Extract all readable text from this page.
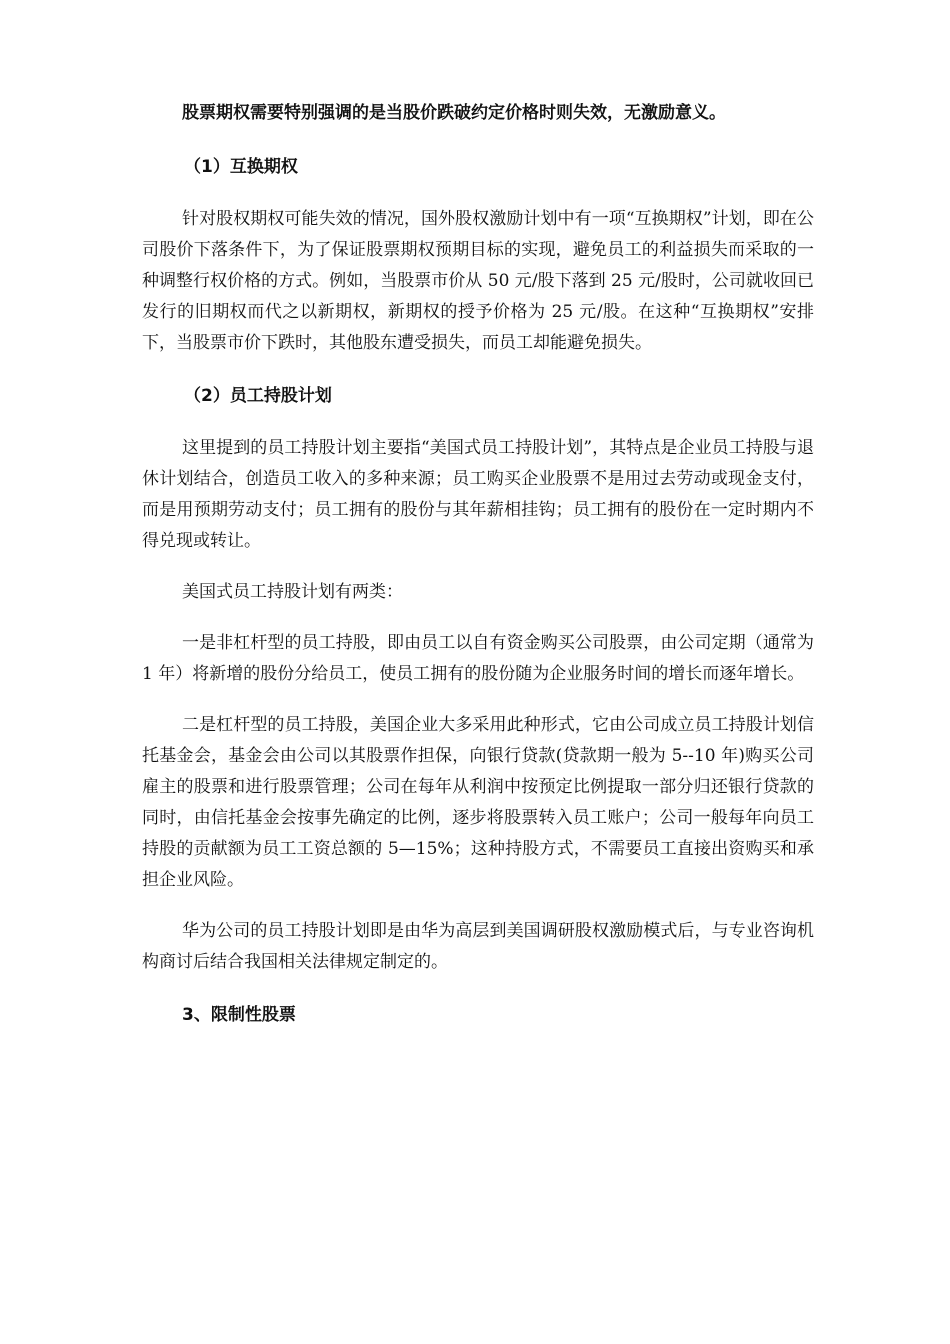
股票期权需要特别强调的是当股价跌破约定价格时则失效，无激励意义。

（1）互换期权

针对股权期权可能失效的情况，国外股权激励计划中有一项“互换期权”计划，即在公司股价下落条件下，为了保证股票期权预期目标的实现，避免员工的利益损失而采取的一种调整行权价格的方式。例如，当股票市价从 50 元/股下落到 25 元/股时，公司就收回已发行的旧期权而代之以新期权，新期权的授予价格为 25 元/股。在这种“互换期权”安排下，当股票市价下跌时，其他股东遭受损失，而员工却能避免损失。

（2）员工持股计划

这里提到的员工持股计划主要指“美国式员工持股计划”，其特点是企业员工持股与退休计划结合，创造员工收入的多种来源；员工购买企业股票不是用过去劳动或现金支付，而是用预期劳动支付；员工拥有的股份与其年薪相挂钩；员工拥有的股份在一定时期内不得兑现或转让。

美国式员工持股计划有两类：

一是非杠杆型的员工持股，即由员工以自有资金购买公司股票，由公司定期（通常为 1 年）将新增的股份分给员工，使员工拥有的股份随为企业服务时间的增长而逐年增长。

二是杠杆型的员工持股，美国企业大多采用此种形式，它由公司成立员工持股计划信托基金会，基金会由公司以其股票作担保，向银行贷款(贷款期一般为 5--10 年)购买公司雇主的股票和进行股票管理；公司在每年从利润中按预定比例提取一部分归还银行贷款的同时，由信托基金会按事先确定的比例，逐步将股票转入员工账户；公司一般每年向员工持股的贡献额为员工工资总额的 5—15%；这种持股方式，不需要员工直接出资购买和承担企业风险。

华为公司的员工持股计划即是由华为高层到美国调研股权激励模式后，与专业咨询机构商讨后结合我国相关法律规定制定的。

3、限制性股票
